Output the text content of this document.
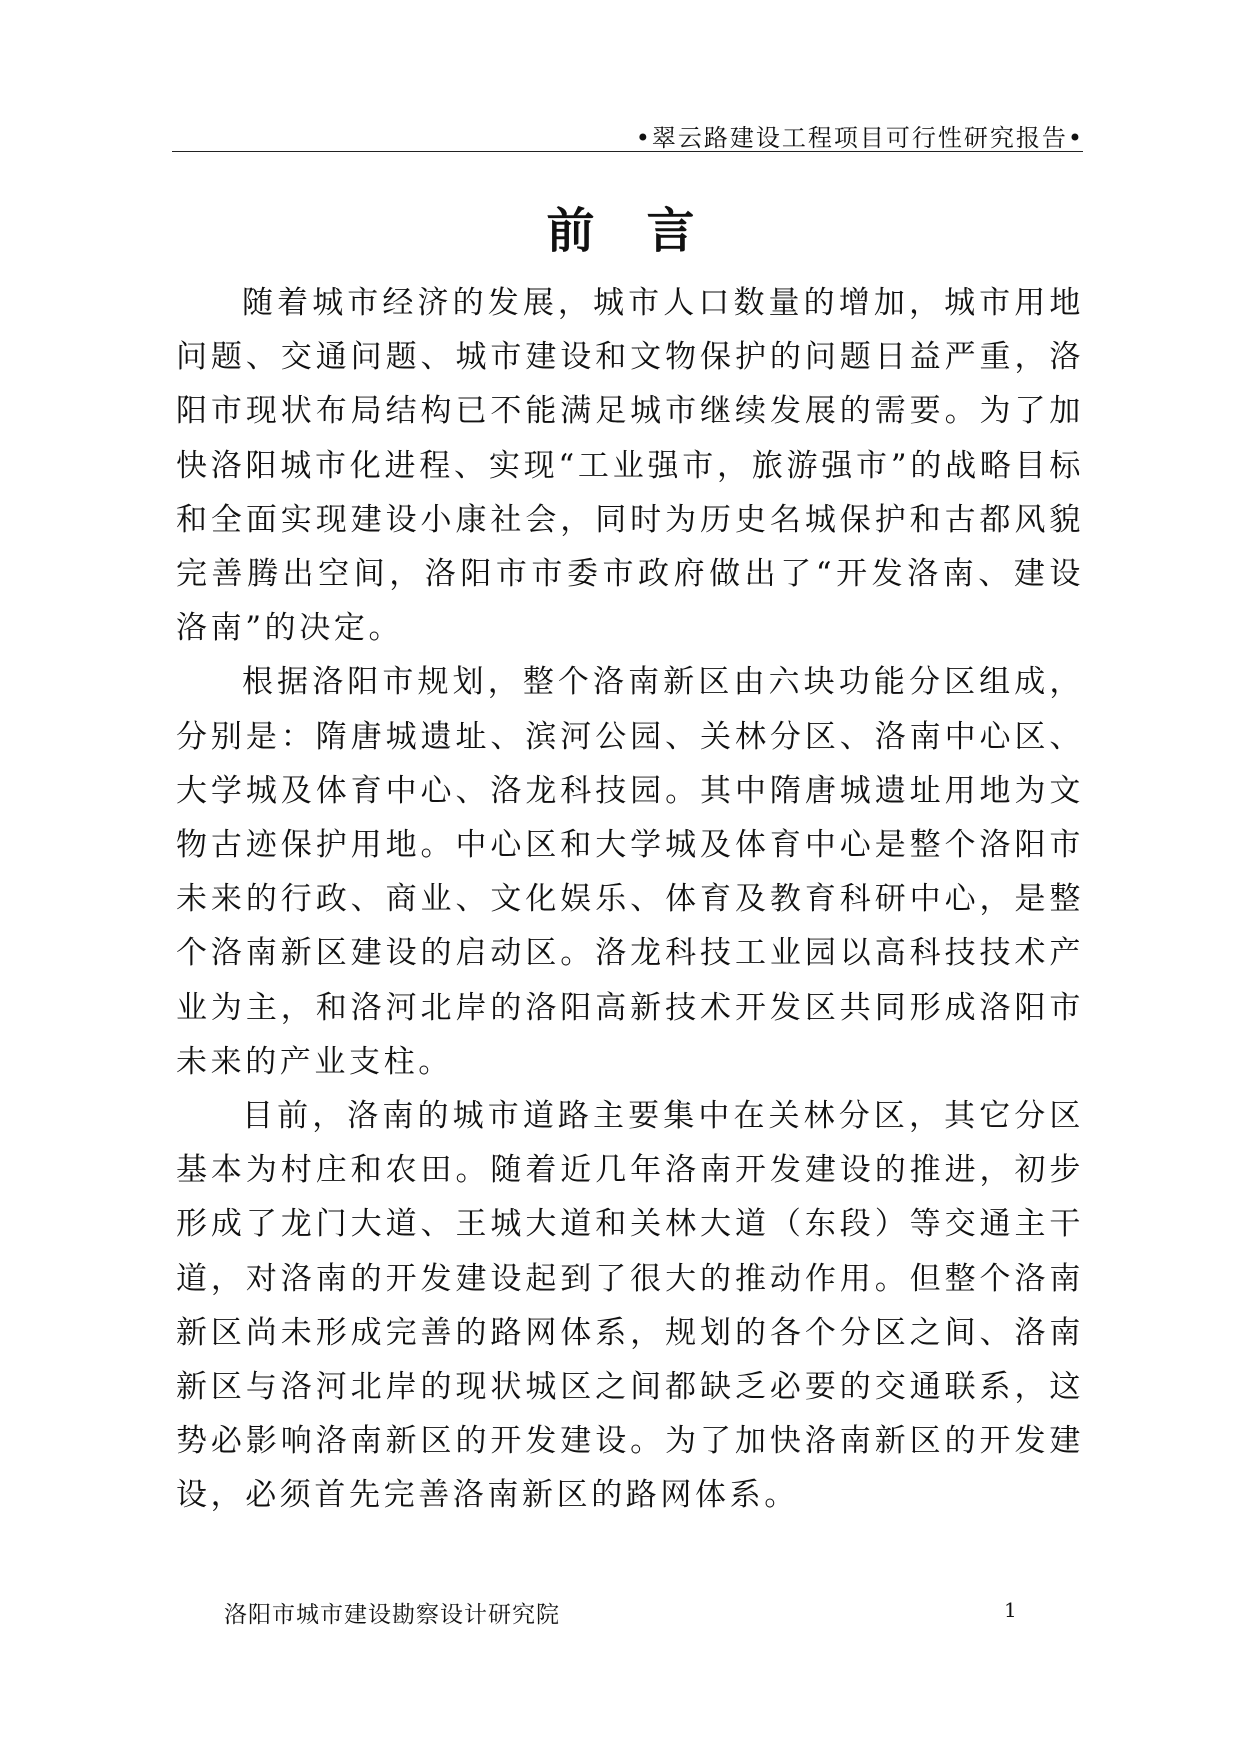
•翠云路建设工程项目可行性研究报告•
前言

随着城市经济的发展，城市人口数量的增加，城市用地问题、交通问题、城市建设和文物保护的问题日益严重，洛阳市现状布局结构已不能满足城市继续发展的需要。为了加快洛阳城市化进程、实现“工业强市，旅游强市”的战略目标和全面实现建设小康社会，同时为历史名城保护和古都风貌完善腾出空间，洛阳市市委市政府做出了“开发洛南、建设洛南”的决定。

根据洛阳市规划，整个洛南新区由六块功能分区组成，分别是：隋唐城遗址、滨河公园、关林分区、洛南中心区、大学城及体育中心、洛龙科技园。其中隋唐城遗址用地为文物古迹保护用地。中心区和大学城及体育中心是整个洛阳市未来的行政、商业、文化娱乐、体育及教育科研中心，是整个洛南新区建设的启动区。洛龙科技工业园以高科技技术产业为主，和洛河北岸的洛阳高新技术开发区共同形成洛阳市未来的产业支柱。

目前，洛南的城市道路主要集中在关林分区，其它分区基本为村庄和农田。随着近几年洛南开发建设的推进，初步形成了龙门大道、王城大道和关林大道（东段）等交通主干道，对洛南的开发建设起到了很大的推动作用。但整个洛南新区尚未形成完善的路网体系，规划的各个分区之间、洛南新区与洛河北岸的现状城区之间都缺乏必要的交通联系，这势必影响洛南新区的开发建设。为了加快洛南新区的开发建设，必须首先完善洛南新区的路网体系。

洛阳市城市建设勘察设计研究院	1
